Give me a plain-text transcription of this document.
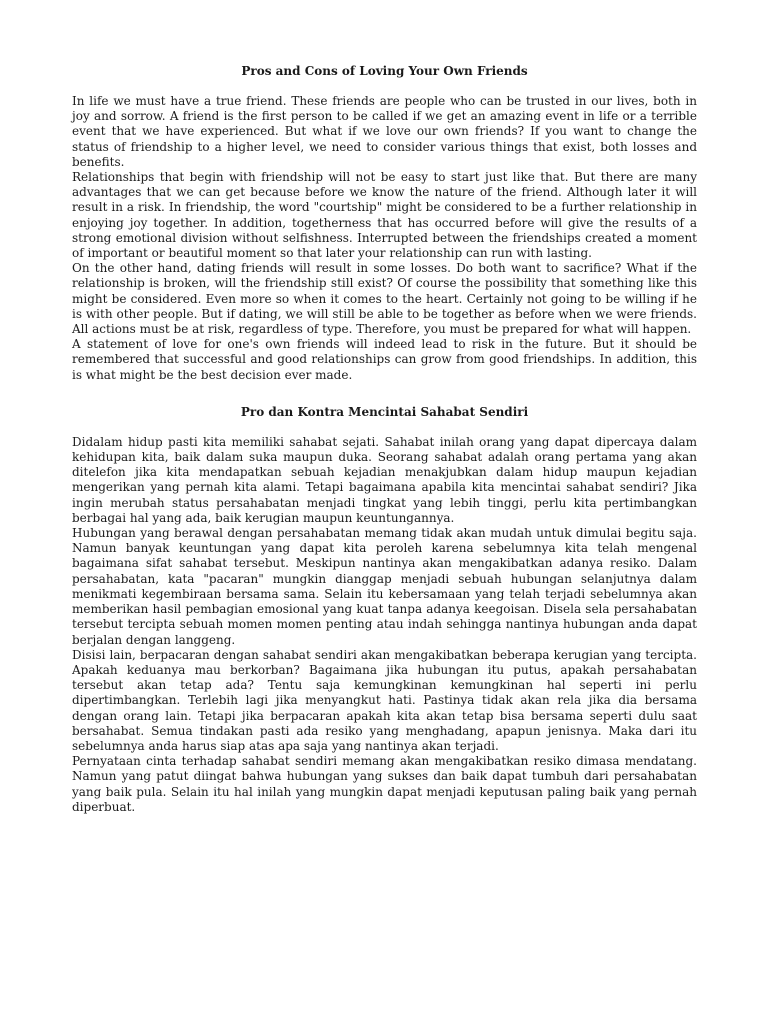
Pros and Cons of Loving Your Own Friends

In life we must have a true friend. These friends are people who can be trusted in our lives, both in joy and sorrow. A friend is the first person to be called if we get an amazing event in life or a terrible event that we have experienced. But what if we love our own friends? If you want to change the status of friendship to a higher level, we need to consider various things that exist, both losses and benefits.

Relationships that begin with friendship will not be easy to start just like that. But there are many advantages that we can get because before we know the nature of the friend. Although later it will result in a risk. In friendship, the word "courtship" might be considered to be a further relationship in enjoying joy together. In addition, togetherness that has occurred before will give the results of a strong emotional division without selfishness. Interrupted between the friendships created a moment of important or beautiful moment so that later your relationship can run with lasting.

On the other hand, dating friends will result in some losses. Do both want to sacrifice? What if the relationship is broken, will the friendship still exist? Of course the possibility that something like this might be considered. Even more so when it comes to the heart. Certainly not going to be willing if he is with other people. But if dating, we will still be able to be together as before when we were friends. All actions must be at risk, regardless of type. Therefore, you must be prepared for what will happen.

A statement of love for one's own friends will indeed lead to risk in the future. But it should be remembered that successful and good relationships can grow from good friendships. In addition, this is what might be the best decision ever made.

Pro dan Kontra Mencintai Sahabat Sendiri

Didalam hidup pasti kita memiliki sahabat sejati. Sahabat inilah orang yang dapat dipercaya dalam kehidupan kita, baik dalam suka maupun duka. Seorang sahabat adalah orang pertama yang akan ditelefon jika kita mendapatkan sebuah kejadian menakjubkan dalam hidup maupun kejadian mengerikan yang pernah kita alami. Tetapi bagaimana apabila kita mencintai sahabat sendiri? Jika ingin merubah status persahabatan menjadi tingkat yang lebih tinggi, perlu kita pertimbangkan berbagai hal yang ada, baik kerugian maupun keuntungannya.

Hubungan yang berawal dengan persahabatan memang tidak akan mudah untuk dimulai begitu saja. Namun banyak keuntungan yang dapat kita peroleh karena sebelumnya kita telah mengenal bagaimana sifat sahabat tersebut. Meskipun nantinya akan mengakibatkan adanya resiko. Dalam persahabatan, kata "pacaran" mungkin dianggap menjadi sebuah hubungan selanjutnya dalam menikmati kegembiraan bersama sama. Selain itu kebersamaan yang telah terjadi sebelumnya akan memberikan hasil pembagian emosional yang kuat tanpa adanya keegoisan. Disela sela persahabatan tersebut tercipta sebuah momen momen penting atau indah sehingga nantinya hubungan anda dapat berjalan dengan langgeng.

Disisi lain, berpacaran dengan sahabat sendiri akan mengakibatkan beberapa kerugian yang tercipta. Apakah keduanya mau berkorban? Bagaimana jika hubungan itu putus, apakah persahabatan tersebut akan tetap ada? Tentu saja kemungkinan kemungkinan hal seperti ini perlu dipertimbangkan. Terlebih lagi jika menyangkut hati. Pastinya tidak akan rela jika dia bersama dengan orang lain. Tetapi jika berpacaran apakah kita akan tetap bisa bersama seperti dulu saat bersahabat. Semua tindakan pasti ada resiko yang menghadang, apapun jenisnya. Maka dari itu sebelumnya anda harus siap atas apa saja yang nantinya akan terjadi.

Pernyataan cinta terhadap sahabat sendiri memang akan mengakibatkan resiko dimasa mendatang. Namun yang patut diingat bahwa hubungan yang sukses dan baik dapat tumbuh dari persahabatan yang baik pula. Selain itu hal inilah yang mungkin dapat menjadi keputusan paling baik yang pernah diperbuat.
